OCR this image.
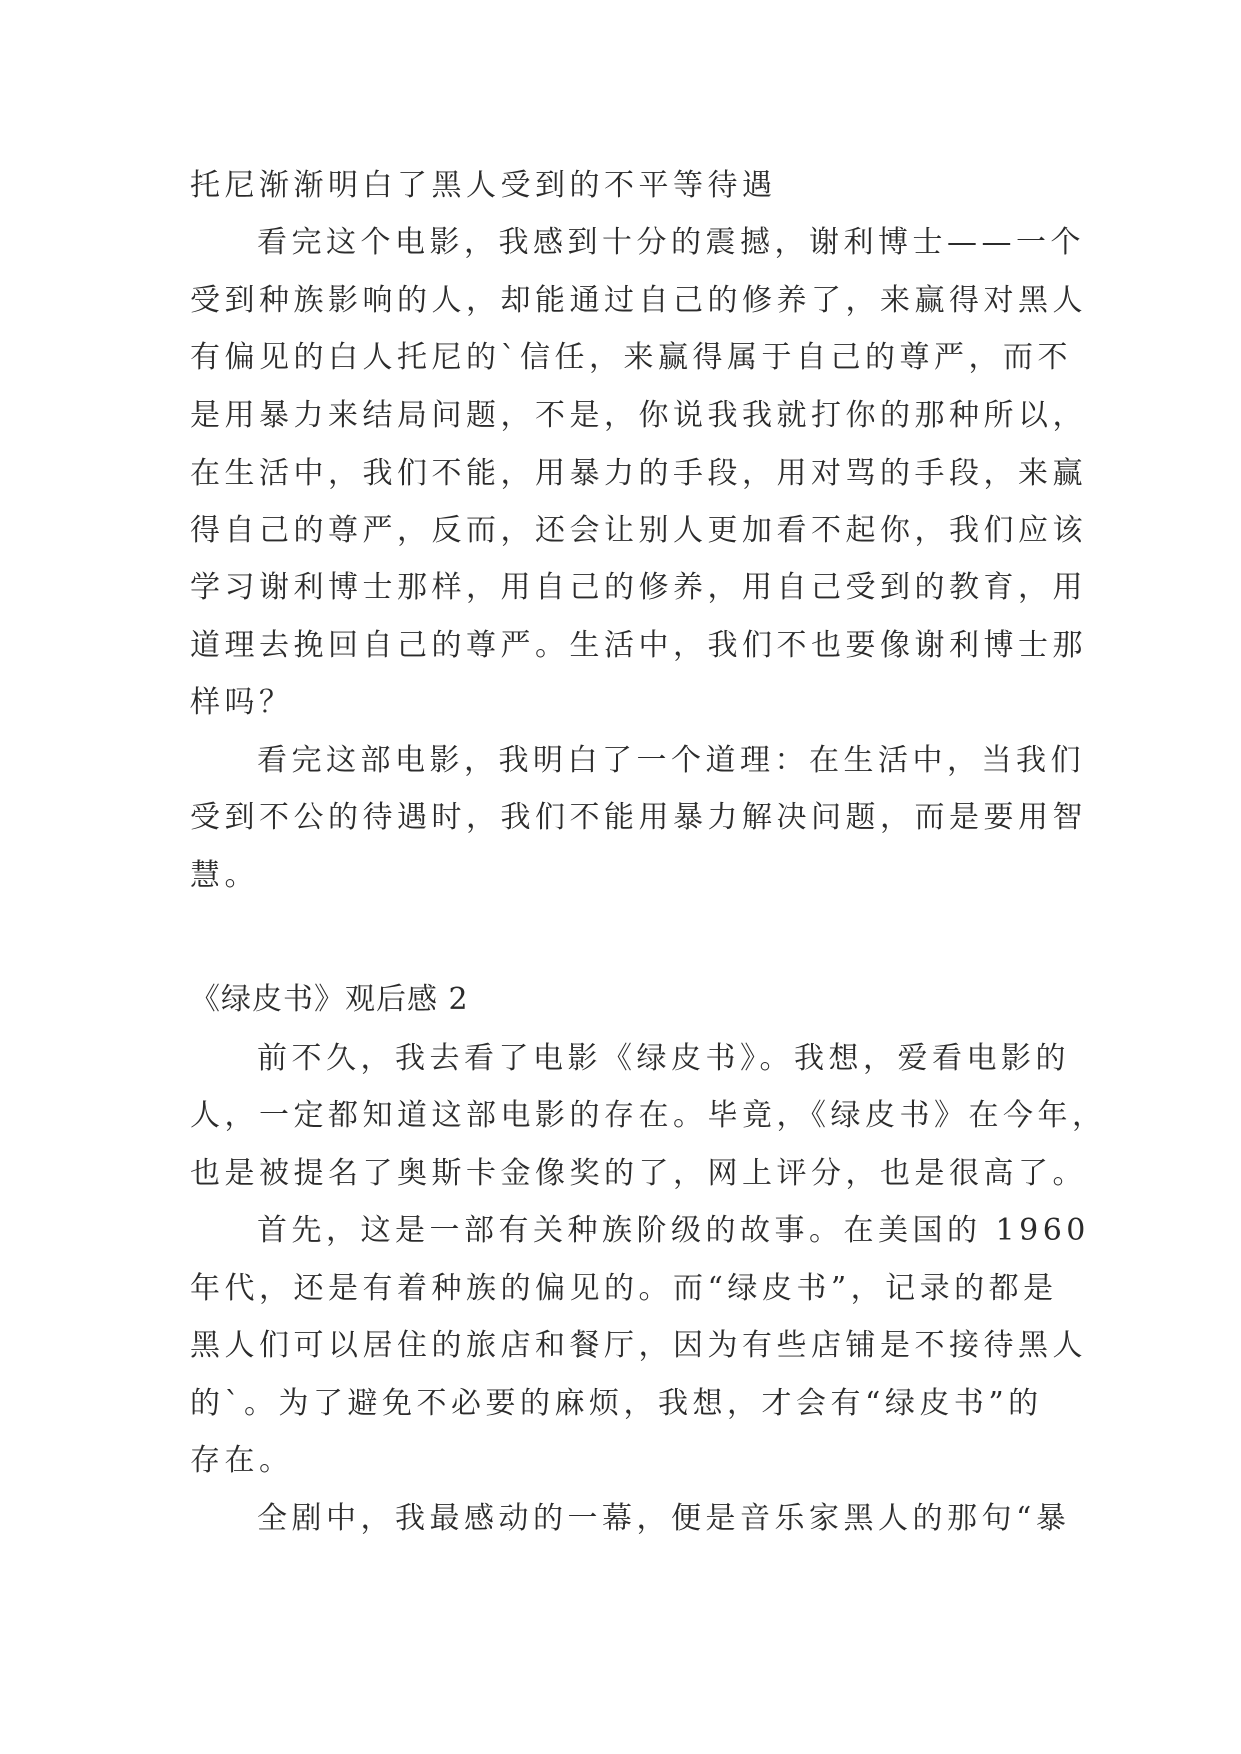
托尼渐渐明白了黑人受到的不平等待遇
看完这个电影，我感到十分的震撼，谢利博士——一个
受到种族影响的人，却能通过自己的修养了，来赢得对黑人
有偏见的白人托尼的`信任，来赢得属于自己的尊严，而不
是用暴力来结局问题，不是，你说我我就打你的那种所以，
在生活中，我们不能，用暴力的手段，用对骂的手段，来赢
得自己的尊严，反而，还会让别人更加看不起你，我们应该
学习谢利博士那样，用自己的修养，用自己受到的教育，用
道理去挽回自己的尊严。生活中，我们不也要像谢利博士那
样吗？
看完这部电影，我明白了一个道理：在生活中，当我们
受到不公的待遇时，我们不能用暴力解决问题，而是要用智
慧。
《绿皮书》观后感 2
前不久，我去看了电影《绿皮书》。我想，爱看电影的
人，一定都知道这部电影的存在。毕竟，《绿皮书》在今年，
也是被提名了奥斯卡金像奖的了，网上评分，也是很高了。
首先，这是一部有关种族阶级的故事。在美国的 1960
年代，还是有着种族的偏见的。而“绿皮书”，记录的都是
黑人们可以居住的旅店和餐厅，因为有些店铺是不接待黑人
的`。为了避免不必要的麻烦，我想，才会有“绿皮书”的
存在。
全剧中，我最感动的一幕，便是音乐家黑人的那句“暴
